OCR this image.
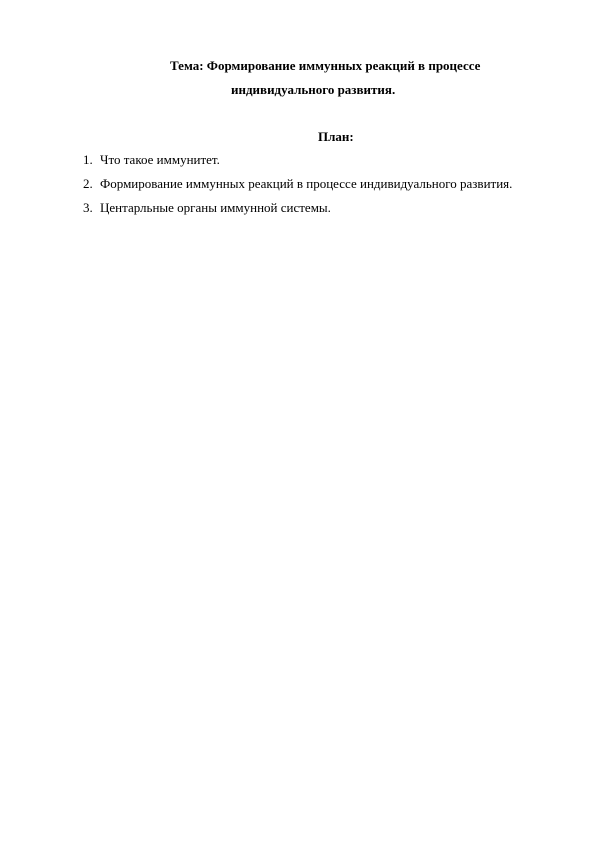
Тема: Формирование иммунных реакций в процессе
индивидуального развития.
План:
1. Что такое иммунитет.
2. Формирование иммунных реакций в процессе индивидуального развития.
3. Центарльные органы иммунной системы.
